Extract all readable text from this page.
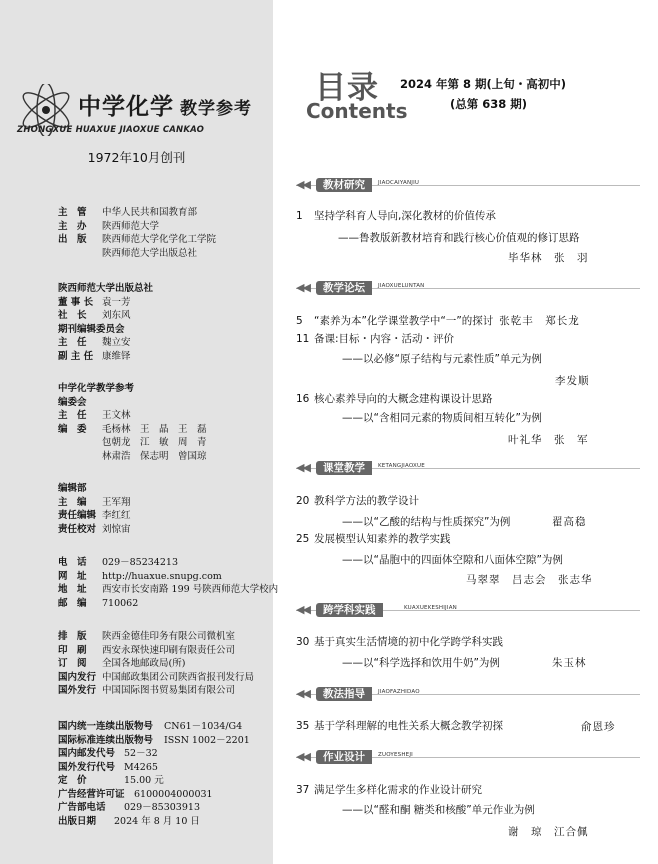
中学化学 教学参考
ZHONGXUE HUAXUE JIAOXUE CANKAO
1972年10月创刊
主　管	中华人民共和国教育部
主　办	陕西师范大学
出　版	陕西师范大学化学化工学院
陕西师范大学出版总社
陕西师范大学出版总社
董 事 长 袁一芳
社　长	刘东风
期刊编辑委员会
主　任	魏立安
副 主 任 康维铎
中学化学教学参考
编委会
主　任	王文林
编　委	毛杨林　王　晶　王　磊
包朝龙　江　敏　周　青
林肃浩　保志明　曾国琼
编辑部
主　编	王军翔
责任编辑 李红红
责任校对 刘惊宙
电　话	029－85234213
网　址	http://huaxue.snupg.com
地　址	西安市长安南路 199 号陕西师范大学校内
邮　编	710062
排　版	陕西金德佳印务有限公司微机室
印　刷	西安永琛快速印刷有限责任公司
订　阅	全国各地邮政局(所)
国内发行 中国邮政集团公司陕西省报刊发行局
国外发行 中国国际图书贸易集团有限公司
国内统一连续出版物号	CN61－1034/G4
国际标准连续出版物号	ISSN 1002－2201
国内邮发代号 52－32
国外发行代号 M4265
定　价	15.00 元
广告经营许可证 6100004000031
广告部电话	029－85303913
出版日期	2024 年 8 月 10 日
目录
Contents
2024 年第 8 期(上旬・高初中)
(总第 638 期)
◀◀	教材研究	JIAOCAIYANJIU
◀◀	教学论坛	JIAOXUELUNTAN
◀◀	课堂教学	KETANGJIAOXUE
◀◀	跨学科实践	KUAXUEKESHIJIAN
◀◀	教法指导	JIAOFAZHIDAO
◀◀	作业设计	ZUOYESHEJI
1 坚持学科育人导向,深化教材的价值传承
——鲁教版新教材培育和践行核心价值观的修订思路
毕华林　张　羽
5 “素养为本”化学课堂教学中“一”的探讨 张乾丰　郑长龙
11 备课:目标・内容・活动・评价
——以必修“原子结构与元素性质”单元为例
李发顺
16 核心素养导向的大概念建构课设计思路
——以“含相同元素的物质间相互转化”为例
叶礼华　张　军
20 教科学方法的教学设计
——以“乙酸的结构与性质探究”为例	翟高稳
25 发展模型认知素养的教学实践
——以“晶胞中的四面体空隙和八面体空隙”为例
马翠翠　吕志会　张志华
30 基于真实生活情境的初中化学跨学科实践
——以“科学选择和饮用牛奶”为例	朱玉林
35 基于学科理解的电性关系大概念教学初探	俞恩珍
37 满足学生多样化需求的作业设计研究
——以“醛和酮 糖类和核酸”单元作业为例
谢　琼　江合佩
